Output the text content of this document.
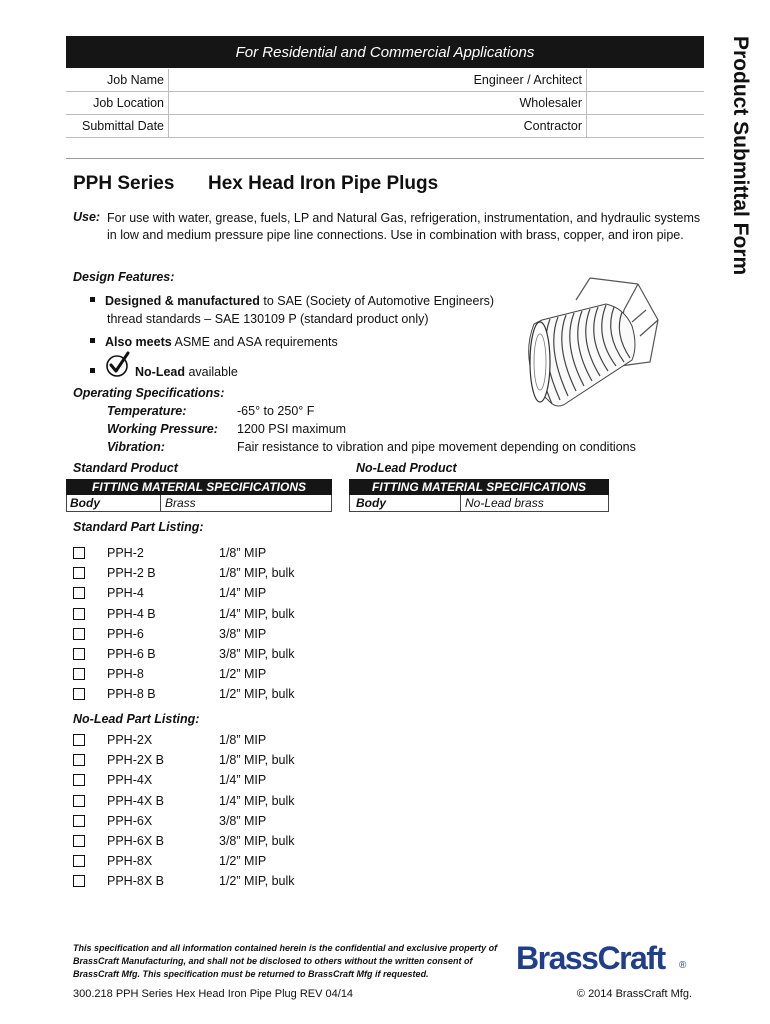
For Residential and Commercial Applications
Job Name	Engineer / Architect
Job Location	Wholesaler
Submittal Date	Contractor	Product Submittal Form
PPH Series Hex Head Iron Pipe Plugs
Use: For use with water, grease, fuels, LP and Natural Gas, refrigeration, instrumentation, and hydraulic systems in low and medium pressure pipe line connections. Use in combination with brass, copper, and iron pipe.
Design Features:
Designed & manufactured to SAE (Society of Automotive Engineers)
thread standards – SAE 130109 P (standard product only)
Also meets ASME and ASA requirements
No-Lead available
Operating Specifications:
Temperature:	-65° to 250° F
Working Pressure: 1200 PSI maximum
Vibration:	Fair resistance to vibration and pipe movement depending on conditions
Standard Product	No-Lead Product
FITTING MATERIAL SPECIFICATIONS
Body	Brass
FITTING MATERIAL SPECIFICATIONS
Body	No-Lead brass
Standard Part Listing:
PPH-2	1/8” MIP
PPH-2 B	1/8” MIP, bulk
PPH-4	1/4” MIP
PPH-4 B	1/4” MIP, bulk
PPH-6	3/8” MIP
PPH-6 B	3/8” MIP, bulk
PPH-8	1/2” MIP
PPH-8 B	1/2” MIP, bulk
No-Lead Part Listing:
PPH-2X	1/8” MIP
PPH-2X B	1/8” MIP, bulk
PPH-4X	1/4” MIP
PPH-4X B	1/4” MIP, bulk
PPH-6X	3/8” MIP
PPH-6X B	3/8” MIP, bulk
PPH-8X	1/2” MIP
PPH-8X B	1/2” MIP, bulk
This specification and all information contained herein is the confidential and exclusive property of BrassCraft Manufacturing, and shall not be disclosed to others without the written consent of BrassCraft Mfg. This specification must be returned to BrassCraft Mfg if requested.	BrassCraft ®
300.218 PPH Series Hex Head Iron Pipe Plug REV 04/14	© 2014 BrassCraft Mfg.
